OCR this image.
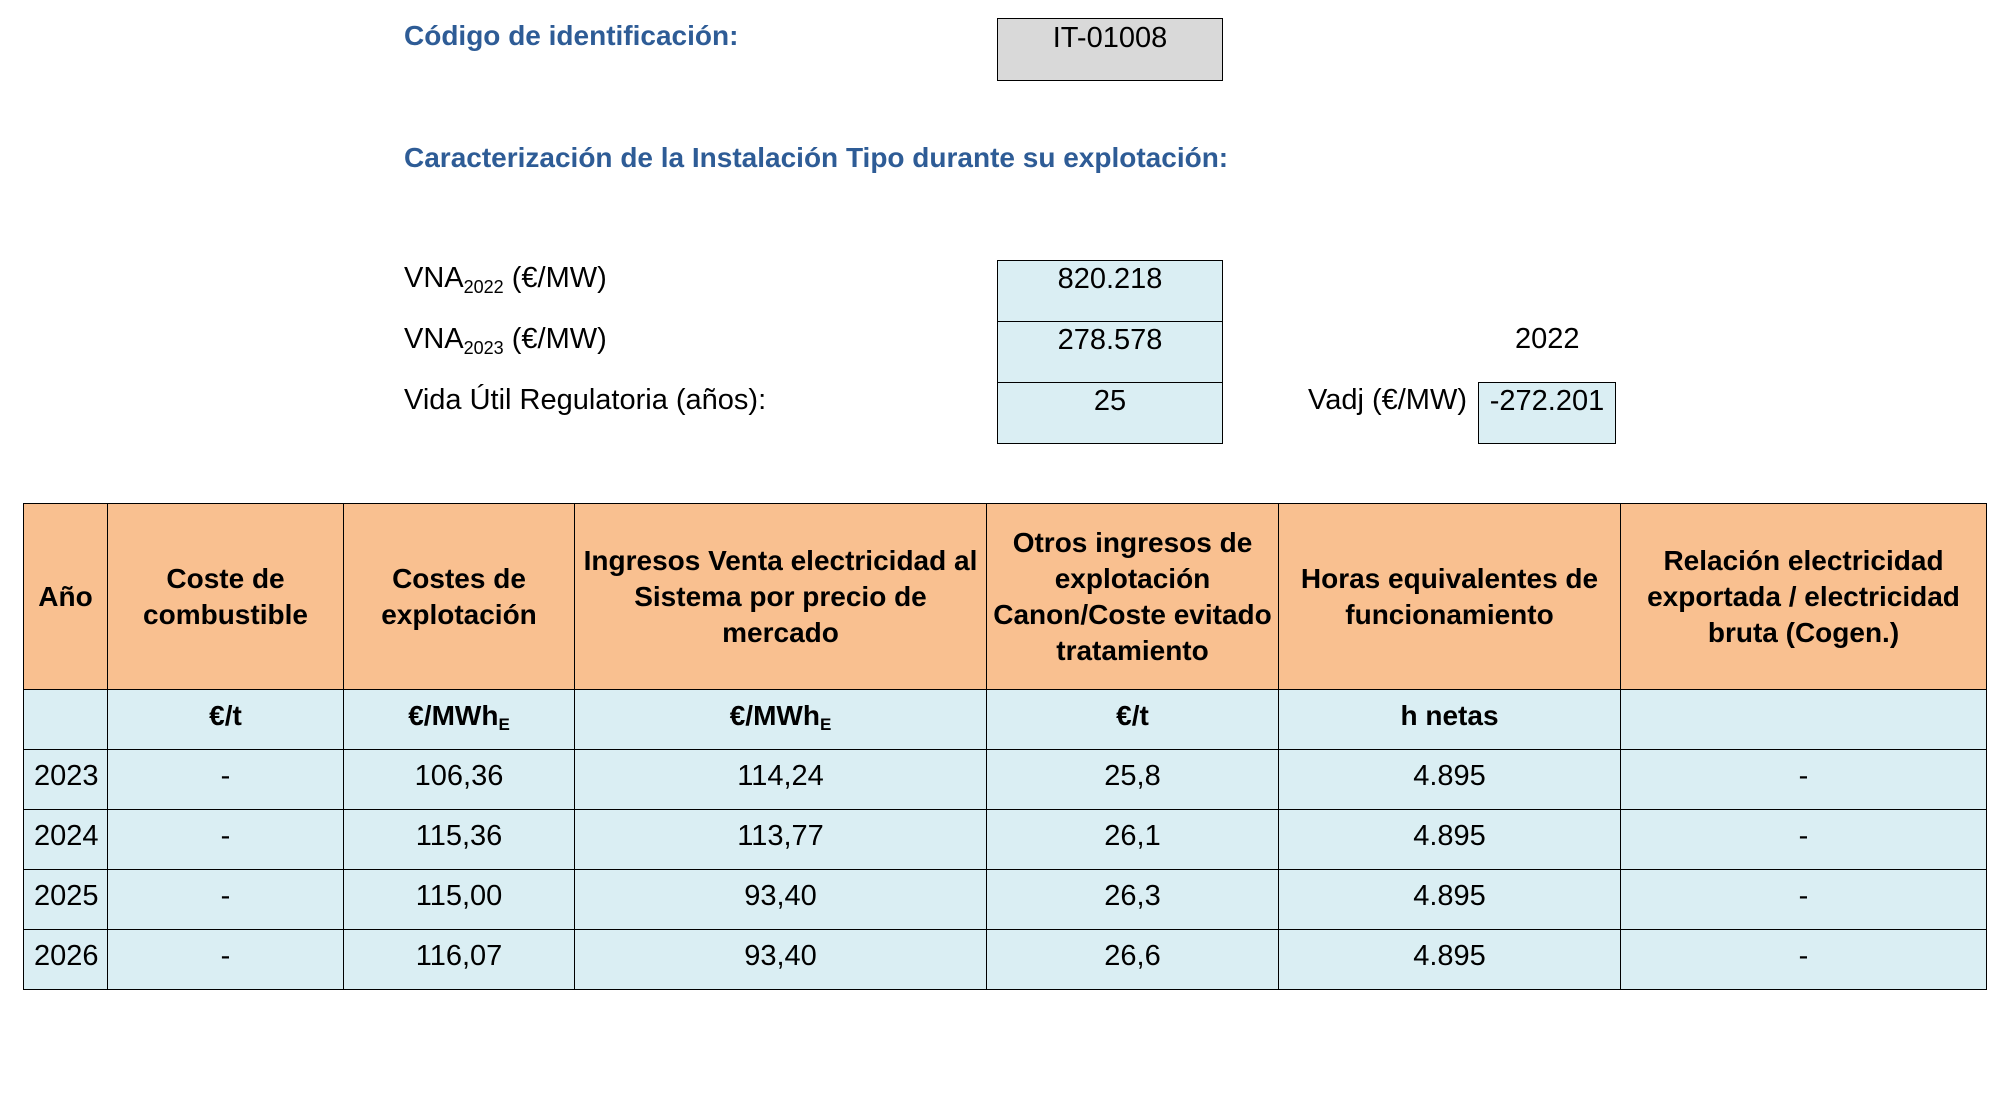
Código de identificación:	IT-01008
Caracterización de la Instalación Tipo durante su explotación:
$VNA_{2022}$ (€/MW)	820.218
$VNA_{2023}$ (€/MW)	278.578	2022
Vida Útil Regulatoria (años):	25	Vadj (€/MW) -272.201
Año	Coste de combustible	Costes de explotación	Ingresos Venta electricidad al Sistema por precio de mercado	Otros ingresos de explotación Canon/Coste evitado tratamiento	Horas equivalentes de funcionamiento	Relación electricidad exportada / electricidad bruta (Cogen.)
	€/t	€/MWhE	€/MWhE	€/t	h netas	
2023	-	106,36	114,24	25,8	4.895	-
2024	-	115,36	113,77	26,1	4.895	-
2025	-	115,00	93,40	26,3	4.895	-
2026	-	116,07	93,40	26,6	4.895	-
